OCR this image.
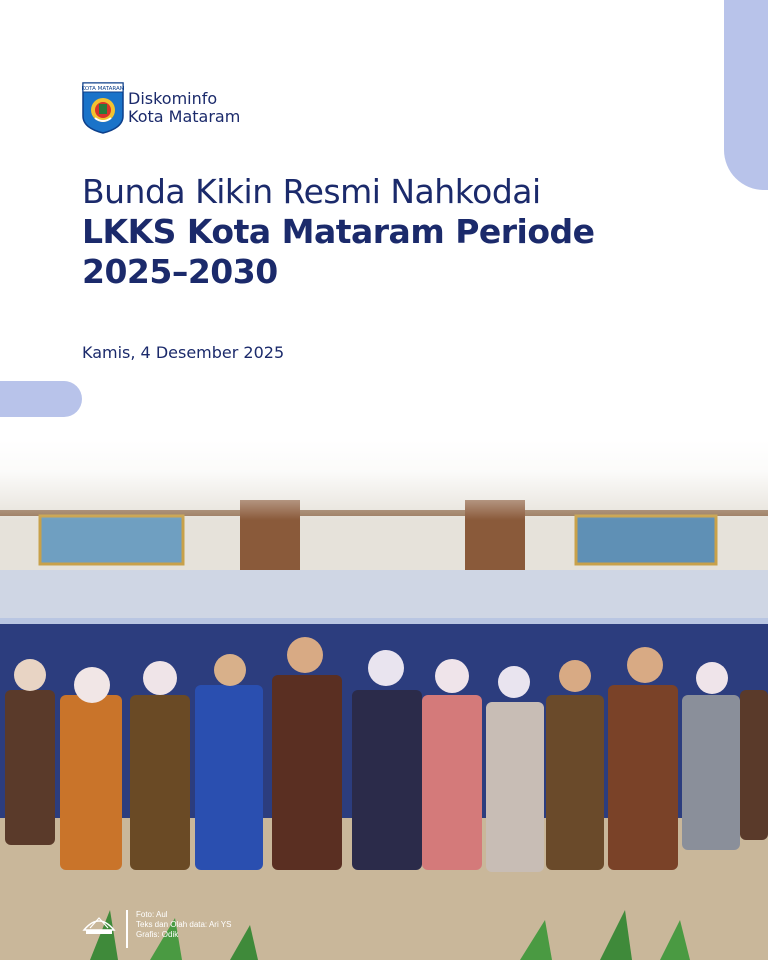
KOTA MATARAM Diskominfo
Kota Mataram
Bunda Kikin Resmi Nahkodai
LKKS Kota Mataram Periode
2025–2030
Kamis, 4 Desember 2025
Foto: Aul
Teks dan Olah data: Ari YS
Grafis: Odik
